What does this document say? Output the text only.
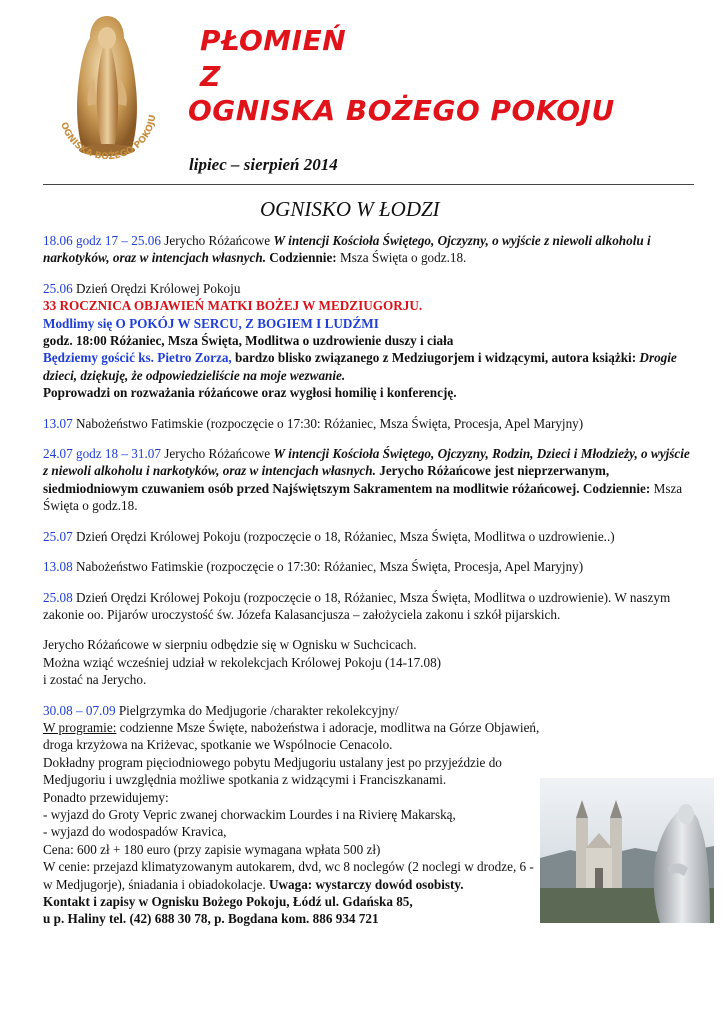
OGNISKA BOŻEGO POKOJU
PŁOMIEŃ
Z
OGNISKA BOŻEGO POKOJU
lipiec – sierpień 2014
OGNISKO W ŁODZI

18.06 godz 17 – 25.06 Jerycho Różańcowe W intencji Kościoła Świętego, Ojczyzny, o wyjście z niewoli alkoholu i narkotyków, oraz w intencjach własnych. Codziennie: Msza Święta o godz.18.

25.06 Dzień Orędzi Królowej Pokoju
33 ROCZNICA OBJAWIEŃ MATKI BOŻEJ W MEDZIUGORJU.
Modlimy się O POKÓJ W SERCU, Z BOGIEM I LUDŹMI
godz. 18:00 Różaniec, Msza Święta, Modlitwa o uzdrowienie duszy i ciała
Będziemy gościć ks. Pietro Zorza, bardzo blisko związanego z Medziugorjem i widzącymi, autora książki: Drogie dzieci, dziękuję, że odpowiedzieliście na moje wezwanie.
Poprowadzi on rozważania różańcowe oraz wygłosi homilię i konferencję.

13.07 Nabożeństwo Fatimskie (rozpoczęcie o 17:30: Różaniec, Msza Święta, Procesja, Apel Maryjny)

24.07 godz 18 – 31.07 Jerycho Różańcowe W intencji Kościoła Świętego, Ojczyzny, Rodzin, Dzieci i Młodzieży, o wyjście z niewoli alkoholu i narkotyków, oraz w intencjach własnych. Jerycho Różańcowe jest nieprzerwanym, siedmiodniowym czuwaniem osób przed Najświętszym Sakramentem na modlitwie różańcowej. Codziennie: Msza Święta o godz.18.

25.07 Dzień Orędzi Królowej Pokoju (rozpoczęcie o 18, Różaniec, Msza Święta, Modlitwa o uzdrowienie..)

13.08 Nabożeństwo Fatimskie (rozpoczęcie o 17:30: Różaniec, Msza Święta, Procesja, Apel Maryjny)

25.08 Dzień Orędzi Królowej Pokoju (rozpoczęcie o 18, Różaniec, Msza Święta, Modlitwa o uzdrowienie). W naszym zakonie oo. Pijarów uroczystość św. Józefa Kalasancjusza – założyciela zakonu i szkół pijarskich.

Jerycho Różańcowe w sierpniu odbędzie się w Ognisku w Suchcicach.
Można wziąć wcześniej udział w rekolekcjach Królowej Pokoju (14-17.08)
i zostać na Jerycho.

30.08 – 07.09 Pielgrzymka do Medjugorie /charakter rekolekcyjny/
W programie: codzienne Msze Święte, nabożeństwa i adoracje, modlitwa na Górze Objawień, droga krzyżowa na Kriżevac, spotkanie we Wspólnocie Cenacolo.
Dokładny program pięciodniowego pobytu Medjugoriu ustalany jest po przyjeździe do Medjugoriu i uwzględnia możliwe spotkania z widzącymi i Franciszkanami.
Ponadto przewidujemy:
- wyjazd do Groty Vepric zwanej chorwackim Lourdes i na Rivierę Makarską,
- wyjazd do wodospadów Kravica,
Cena: 600 zł + 180 euro (przy zapisie wymagana wpłata 500 zł)
W cenie: przejazd klimatyzowanym autokarem, dvd, wc 8 noclegów (2 noclegi w drodze, 6 - w Medjugorje), śniadania i obiadokolacje. Uwaga: wystarczy dowód osobisty.
Kontakt i zapisy w Ognisku Bożego Pokoju, Łódź ul. Gdańska 85,
u p. Haliny tel. (42) 688 30 78, p. Bogdana kom. 886 934 721
